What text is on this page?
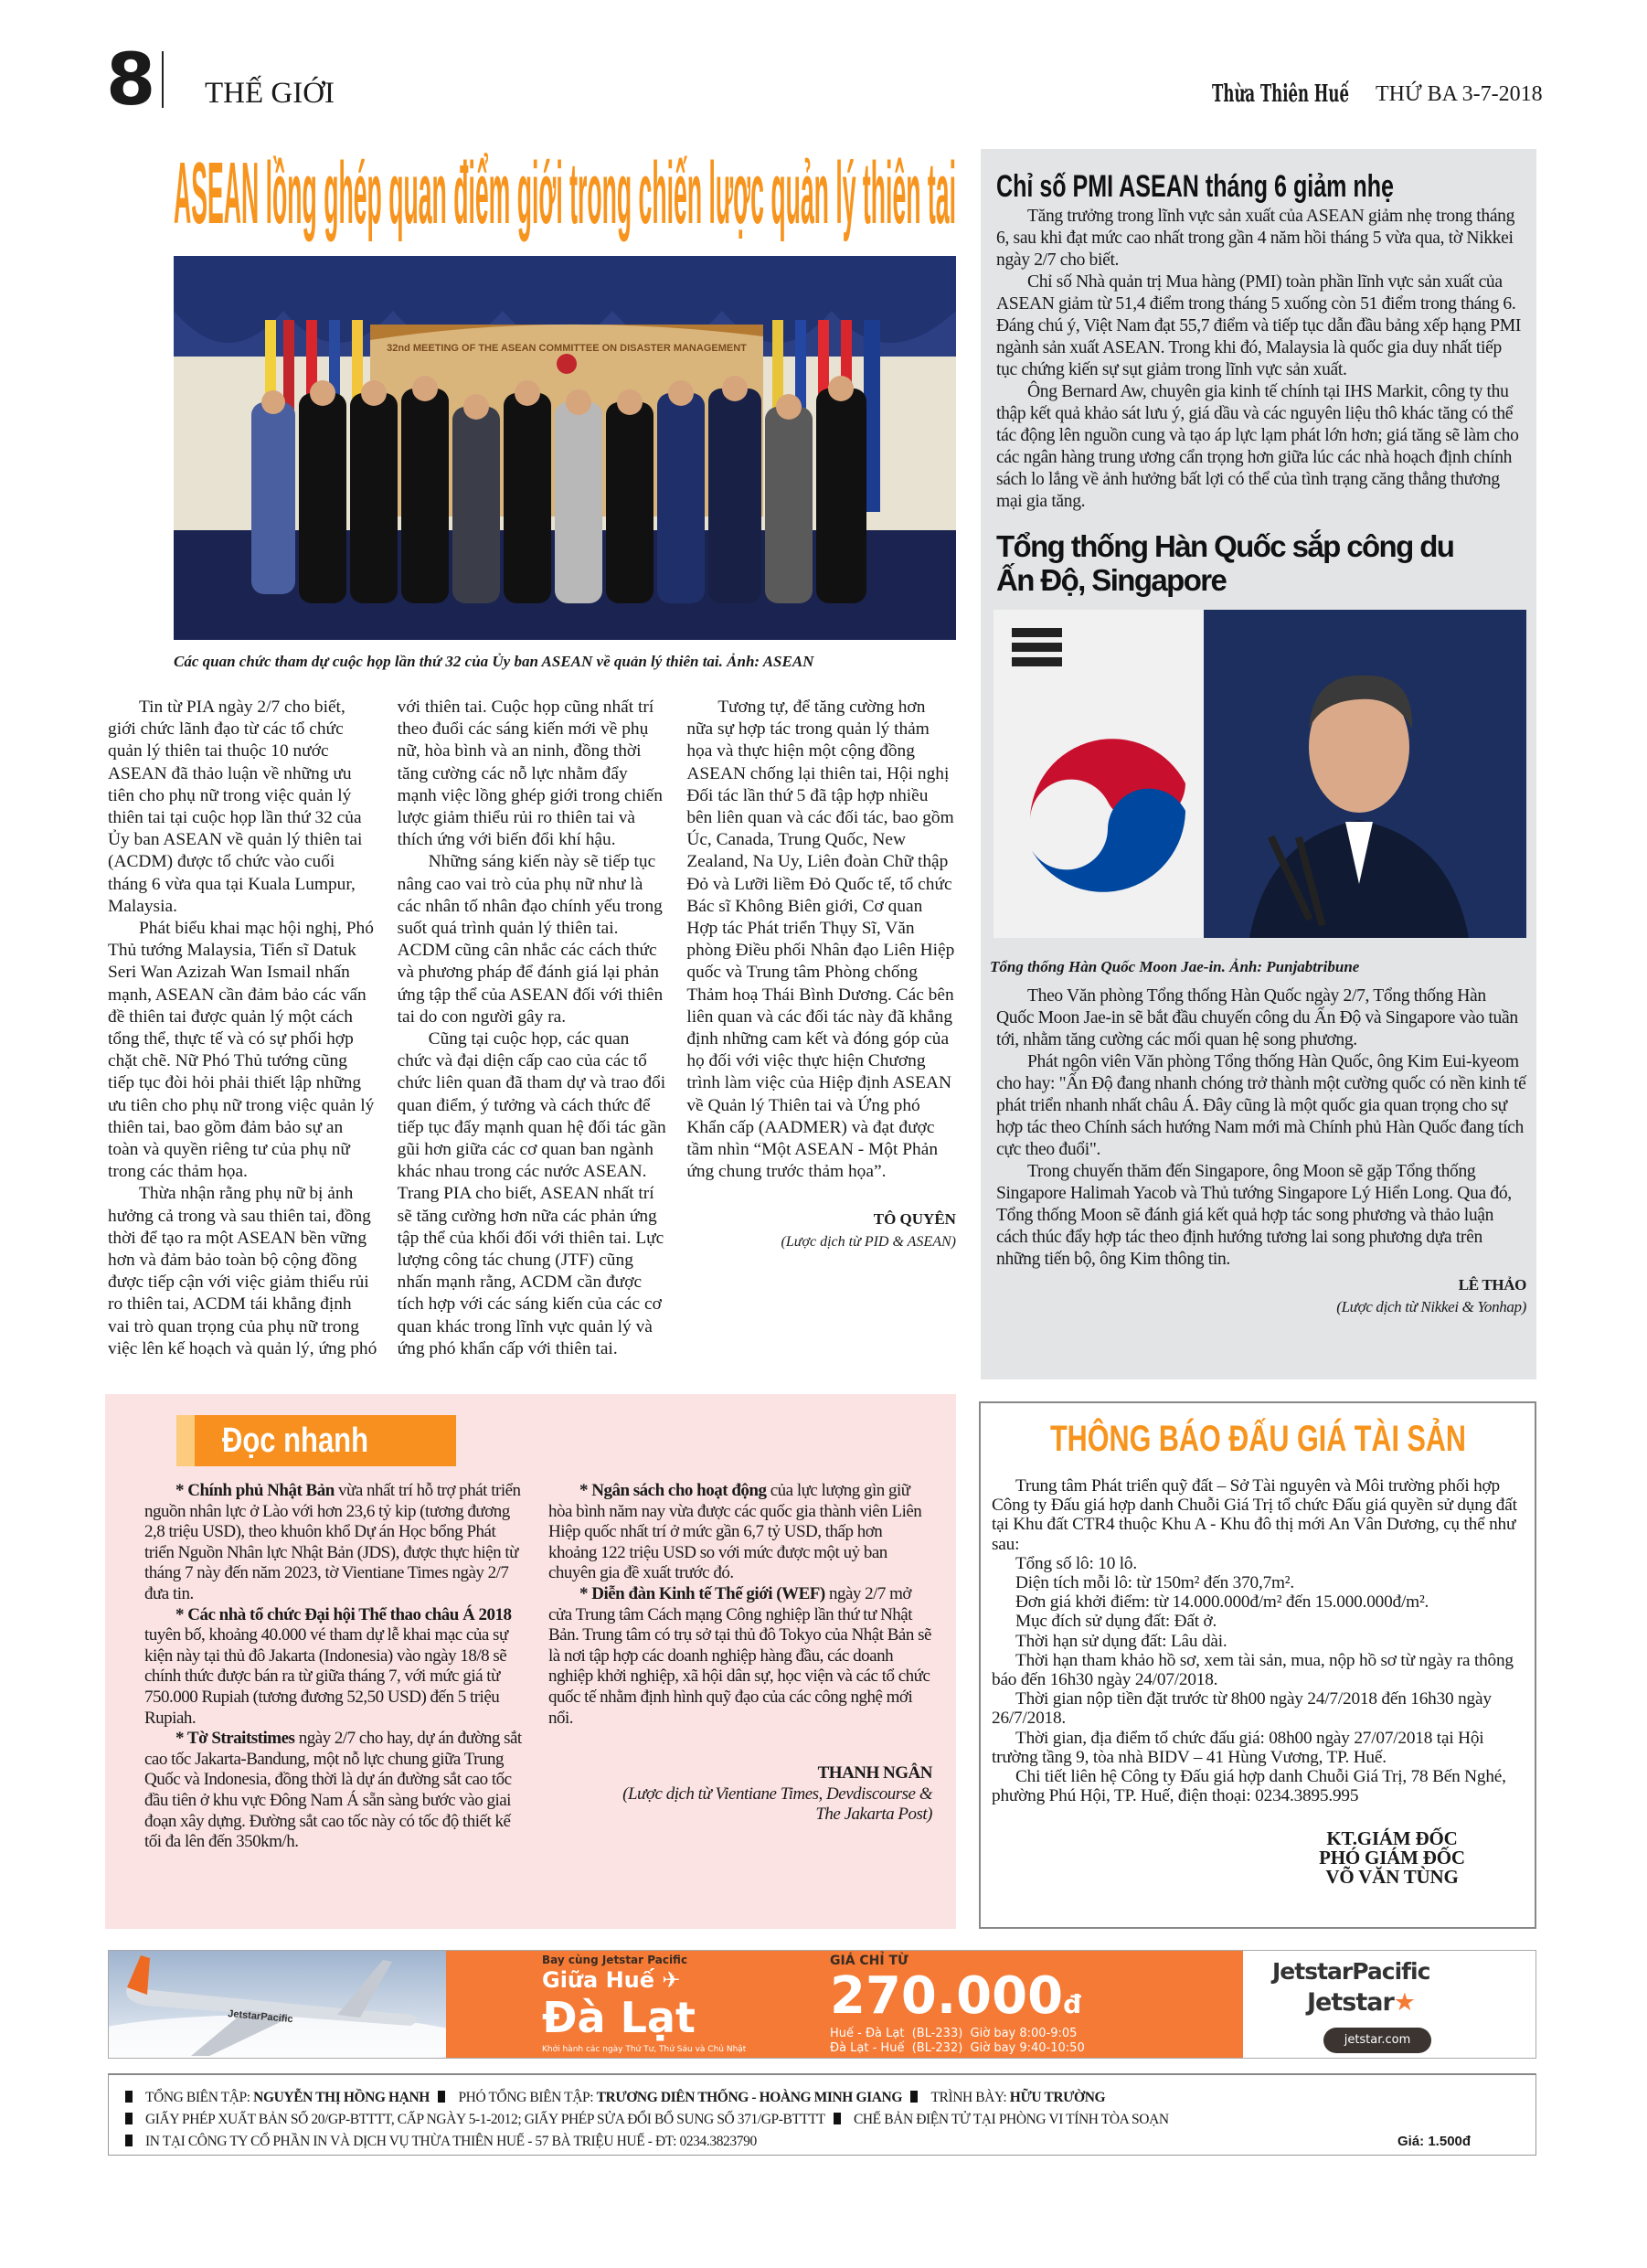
8 THẾ GIỚI	Thừa Thiên Huế	THỨ BA 3-7-2018
ASEAN lồng ghép quan điểm giới trong chiến lược quản lý thiên tai
32nd MEETING OF THE ASEAN COMMITTEE ON DISASTER MANAGEMENT
Các quan chức tham dự cuộc họp lần thứ 32 của Ủy ban ASEAN về quản lý thiên tai. Ảnh: ASEAN

Tin từ PIA ngày 2/7 cho biết, giới chức lãnh đạo từ các tổ chức quản lý thiên tai thuộc 10 nước ASEAN đã thảo luận về những ưu tiên cho phụ nữ trong việc quản lý thiên tai tại cuộc họp lần thứ 32 của Ủy ban ASEAN về quản lý thiên tai (ACDM) được tổ chức vào cuối tháng 6 vừa qua tại Kuala Lumpur, Malaysia.

Phát biểu khai mạc hội nghị, Phó Thủ tướng Malaysia, Tiến sĩ Datuk Seri Wan Azizah Wan Ismail nhấn mạnh, ASEAN cần đảm bảo các vấn đề thiên tai được quản lý một cách tổng thể, thực tế và có sự phối hợp chặt chẽ. Nữ Phó Thủ tướng cũng tiếp tục đòi hỏi phải thiết lập những ưu tiên cho phụ nữ trong việc quản lý thiên tai, bao gồm đảm bảo sự an toàn và quyền riêng tư của phụ nữ trong các thảm họa.

Thừa nhận rằng phụ nữ bị ảnh hưởng cả trong và sau thiên tai, đồng thời để tạo ra một ASEAN bền vững hơn và đảm bảo toàn bộ cộng đồng được tiếp cận với việc giảm thiểu rủi ro thiên tai, ACDM tái khẳng định vai trò quan trọng của phụ nữ trong việc lên kế hoạch và quản lý, ứng phó với thiên tai. Cuộc họp cũng nhất trí theo đuổi các sáng kiến mới về phụ nữ, hòa bình và an ninh, đồng thời tăng cường các nỗ lực nhằm đẩy mạnh việc lồng ghép giới trong chiến lược giảm thiểu rủi ro thiên tai và thích ứng với biến đổi khí hậu.

Những sáng kiến này sẽ tiếp tục nâng cao vai trò của phụ nữ như là các nhân tố nhân đạo chính yếu trong suốt quá trình quản lý thiên tai. ACDM cũng cân nhắc các cách thức và phương pháp để đánh giá lại phản ứng tập thể của ASEAN đối với thiên tai do con người gây ra.

Cũng tại cuộc họp, các quan chức và đại diện cấp cao của các tổ chức liên quan đã tham dự và trao đổi quan điểm, ý tưởng và cách thức để tiếp tục đẩy mạnh quan hệ đối tác gần gũi hơn giữa các cơ quan ban ngành khác nhau trong các nước ASEAN. Trang PIA cho biết, ASEAN nhất trí sẽ tăng cường hơn nữa các phản ứng tập thể của khối đối với thiên tai. Lực lượng công tác chung (JTF) cũng nhấn mạnh rằng, ACDM cần được tích hợp với các sáng kiến của các cơ quan khác trong lĩnh vực quản lý và ứng phó khẩn cấp với thiên tai.

Tương tự, để tăng cường hơn nữa sự hợp tác trong quản lý thảm họa và thực hiện một cộng đồng ASEAN chống lại thiên tai, Hội nghị Đối tác lần thứ 5 đã tập hợp nhiều bên liên quan và các đối tác, bao gồm Úc, Canada, Trung Quốc, New Zealand, Na Uy, Liên đoàn Chữ thập Đỏ và Lưỡi liềm Đỏ Quốc tế, tổ chức Bác sĩ Không Biên giới, Cơ quan Hợp tác Phát triển Thụy Sĩ, Văn phòng Điều phối Nhân đạo Liên Hiệp quốc và Trung tâm Phòng chống Thảm hoạ Thái Bình Dương. Các bên liên quan và các đối tác này đã khẳng định những cam kết và đóng góp của họ đối với việc thực hiện Chương trình làm việc của Hiệp định ASEAN về Quản lý Thiên tai và Ứng phó Khẩn cấp (AADMER) và đạt được tầm nhìn “Một ASEAN - Một Phản ứng chung trước thảm họa”.

TÔ QUYÊN
(Lược dịch từ PID & ASEAN)
Chỉ số PMI ASEAN tháng 6 giảm nhẹ

Tăng trưởng trong lĩnh vực sản xuất của ASEAN giảm nhẹ trong tháng 6, sau khi đạt mức cao nhất trong gần 4 năm hồi tháng 5 vừa qua, tờ Nikkei ngày 2/7 cho biết.

Chỉ số Nhà quản trị Mua hàng (PMI) toàn phần lĩnh vực sản xuất của ASEAN giảm từ 51,4 điểm trong tháng 5 xuống còn 51 điểm trong tháng 6. Đáng chú ý, Việt Nam đạt 55,7 điểm và tiếp tục dẫn đầu bảng xếp hạng PMI ngành sản xuất ASEAN. Trong khi đó, Malaysia là quốc gia duy nhất tiếp tục chứng kiến sự sụt giảm trong lĩnh vực sản xuất.

Ông Bernard Aw, chuyên gia kinh tế chính tại IHS Markit, công ty thu thập kết quả khảo sát lưu ý, giá dầu và các nguyên liệu thô khác tăng có thể tác động lên nguồn cung và tạo áp lực lạm phát lớn hơn; giá tăng sẽ làm cho các ngân hàng trung ương cẩn trọng hơn giữa lúc các nhà hoạch định chính sách lo lắng về ảnh hưởng bất lợi có thể của tình trạng căng thẳng thương mại gia tăng.

Tổng thống Hàn Quốc sắp công du Ấn Độ, Singapore
Tổng thống Hàn Quốc Moon Jae-in. Ảnh: Punjabtribune

Theo Văn phòng Tổng thống Hàn Quốc ngày 2/7, Tổng thống Hàn Quốc Moon Jae-in sẽ bắt đầu chuyến công du Ấn Độ và Singapore vào tuần tới, nhằm tăng cường các mối quan hệ song phương.

Phát ngôn viên Văn phòng Tổng thống Hàn Quốc, ông Kim Eui-kyeom cho hay: "Ấn Độ đang nhanh chóng trở thành một cường quốc có nền kinh tế phát triển nhanh nhất châu Á. Đây cũng là một quốc gia quan trọng cho sự hợp tác theo Chính sách hướng Nam mới mà Chính phủ Hàn Quốc đang tích cực theo đuổi".

Trong chuyến thăm đến Singapore, ông Moon sẽ gặp Tổng thống Singapore Halimah Yacob và Thủ tướng Singapore Lý Hiển Long. Qua đó, Tổng thống Moon sẽ đánh giá kết quả hợp tác song phương và thảo luận cách thúc đẩy hợp tác theo định hướng tương lai song phương dựa trên những tiến bộ, ông Kim thông tin.

LÊ THẢO
(Lược dịch từ Nikkei & Yonhap)
Đọc nhanh

* Chính phủ Nhật Bản vừa nhất trí hỗ trợ phát triển nguồn nhân lực ở Lào với hơn 23,6 tỷ kip (tương đương 2,8 triệu USD), theo khuôn khổ Dự án Học bổng Phát triển Nguồn Nhân lực Nhật Bản (JDS), được thực hiện từ tháng 7 này đến năm 2023, tờ Vientiane Times ngày 2/7 đưa tin.

* Các nhà tổ chức Đại hội Thể thao châu Á 2018 tuyên bố, khoảng 40.000 vé tham dự lễ khai mạc của sự kiện này tại thủ đô Jakarta (Indonesia) vào ngày 18/8 sẽ chính thức được bán ra từ giữa tháng 7, với mức giá từ 750.000 Rupiah (tương đương 52,50 USD) đến 5 triệu Rupiah.

* Tờ Straitstimes ngày 2/7 cho hay, dự án đường sắt cao tốc Jakarta-Bandung, một nỗ lực chung giữa Trung Quốc và Indonesia, đồng thời là dự án đường sắt cao tốc đầu tiên ở khu vực Đông Nam Á sẵn sàng bước vào giai đoạn xây dựng. Đường sắt cao tốc này có tốc độ thiết kế tối đa lên đến 350km/h.

* Ngân sách cho hoạt động của lực lượng gìn giữ hòa bình năm nay vừa được các quốc gia thành viên Liên Hiệp quốc nhất trí ở mức gần 6,7 tỷ USD, thấp hơn khoảng 122 triệu USD so với mức được một uỷ ban chuyên gia đề xuất trước đó.

* Diễn đàn Kinh tế Thế giới (WEF) ngày 2/7 mở cửa Trung tâm Cách mạng Công nghiệp lần thứ tư Nhật Bản. Trung tâm có trụ sở tại thủ đô Tokyo của Nhật Bản sẽ là nơi tập hợp các doanh nghiệp hàng đầu, các doanh nghiệp khởi nghiệp, xã hội dân sự, học viện và các tổ chức quốc tế nhằm định hình quỹ đạo của các công nghệ mới nổi.

THANH NGÂN
(Lược dịch từ Vientiane Times, Devdiscourse & The Jakarta Post)
THÔNG BÁO ĐẤU GIÁ TÀI SẢN

Trung tâm Phát triển quỹ đất – Sở Tài nguyên và Môi trường phối hợp Công ty Đấu giá hợp danh Chuỗi Giá Trị tổ chức Đấu giá quyền sử dụng đất tại Khu đất CTR4 thuộc Khu A - Khu đô thị mới An Vân Dương, cụ thể như sau:

Tổng số lô: 10 lô.

Diện tích mỗi lô: từ 150m² đến 370,7m².

Đơn giá khởi điểm: từ 14.000.000đ/m² đến 15.000.000đ/m².

Mục đích sử dụng đất: Đất ở.

Thời hạn sử dụng đất: Lâu dài.

Thời hạn tham khảo hồ sơ, xem tài sản, mua, nộp hồ sơ từ ngày ra thông báo đến 16h30 ngày 24/07/2018.

Thời gian nộp tiền đặt trước từ 8h00 ngày 24/7/2018 đến 16h30 ngày 26/7/2018.

Thời gian, địa điểm tổ chức đấu giá: 08h00 ngày 27/07/2018 tại Hội trường tầng 9, tòa nhà BIDV – 41 Hùng Vương, TP. Huế.

Chi tiết liên hệ Công ty Đấu giá hợp danh Chuỗi Giá Trị, 78 Bến Nghé, phường Phú Hội, TP. Huế, điện thoại: 0234.3895.995

KT.GIÁM ĐỐC
PHÓ GIÁM ĐỐC
VÕ VĂN TÙNG
JetstarPacific
Bay cùng Jetstar Pacific
Giữa Huế ✈
Đà Lạt
Khởi hành các ngày Thứ Tư, Thứ Sáu và Chủ Nhật
GIÁ CHỈ TỪ
270.000đ
Huế - Đà Lạt  (BL-233)  Giờ bay 8:00-9:05
Đà Lạt - Huế  (BL-232)  Giờ bay 9:40-10:50
JetstarPacific
Jetstar★
jetstar.com
TỔNG BIÊN TẬP: NGUYỄN THỊ HỒNG HẠNH PHÓ TỔNG BIÊN TẬP: TRƯƠNG DIÊN THỐNG - HOÀNG MINH GIANG TRÌNH BÀY: HỮU TRƯỜNG
GIẤY PHÉP XUẤT BẢN SỐ 20/GP-BTTTT, CẤP NGÀY 5-1-2012; GIẤY PHÉP SỬA ĐỔI BỔ SUNG SỐ 371/GP-BTTTT CHẾ BẢN ĐIỆN TỬ TẠI PHÒNG VI TÍNH TÒA SOẠN
IN TẠI CÔNG TY CỔ PHẦN IN VÀ DỊCH VỤ THỪA THIÊN HUẾ - 57 BÀ TRIỆU HUẾ - ĐT: 0234.3823790	Giá: 1.500đ
